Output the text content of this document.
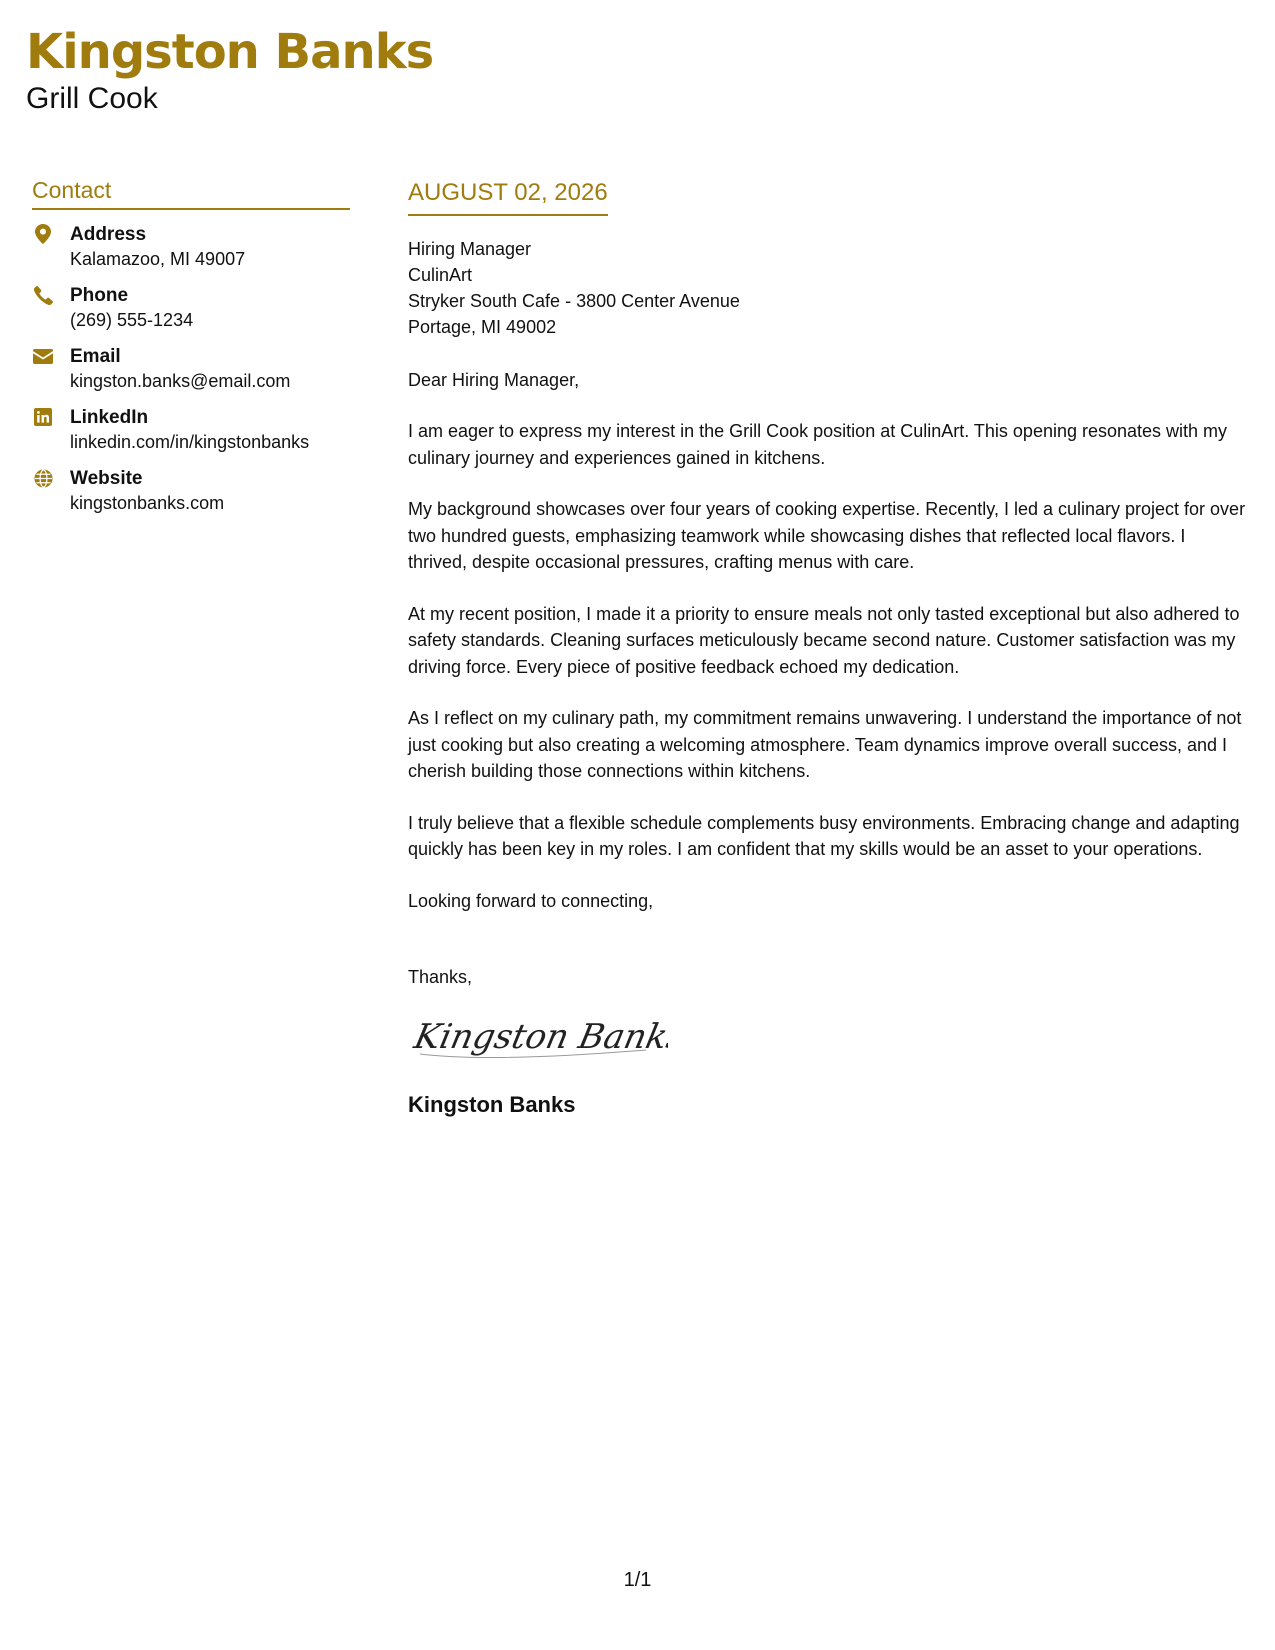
Kingston Banks
Grill Cook
Contact
Address
Kalamazoo, MI 49007
Phone
(269) 555-1234
Email
kingston.banks@email.com
LinkedIn
linkedin.com/in/kingstonbanks
Website
kingstonbanks.com
AUGUST 02, 2026
Hiring Manager
CulinArt
Stryker South Cafe - 3800 Center Avenue
Portage, MI 49002

Dear Hiring Manager,

I am eager to express my interest in the Grill Cook position at CulinArt. This opening resonates with my culinary journey and experiences gained in kitchens.

My background showcases over four years of cooking expertise. Recently, I led a culinary project for over two hundred guests, emphasizing teamwork while showcasing dishes that reflected local flavors. I thrived, despite occasional pressures, crafting menus with care.

At my recent position, I made it a priority to ensure meals not only tasted exceptional but also adhered to safety standards. Cleaning surfaces meticulously became second nature. Customer satisfaction was my driving force. Every piece of positive feedback echoed my dedication.

As I reflect on my culinary path, my commitment remains unwavering. I understand the importance of not just cooking but also creating a welcoming atmosphere. Team dynamics improve overall success, and I cherish building those connections within kitchens.

I truly believe that a flexible schedule complements busy environments. Embracing change and adapting quickly has been key in my roles. I am confident that my skills would be an asset to your operations.

Looking forward to connecting,

Thanks,

Kingston Banks
Kingston Banks
1/1
